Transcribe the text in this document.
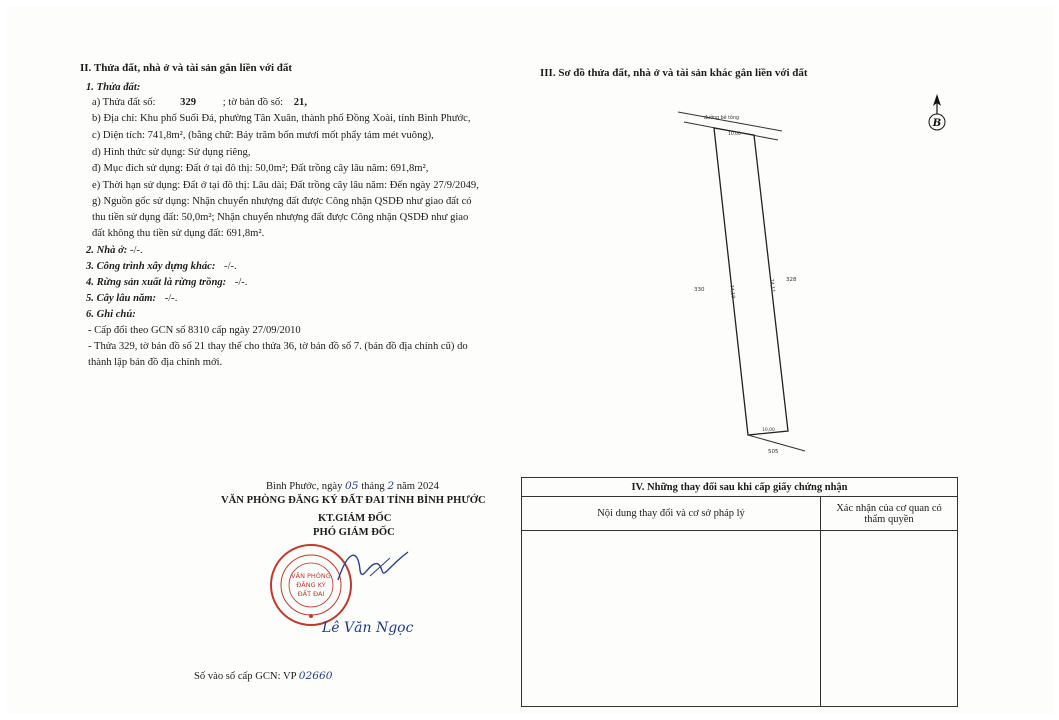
II. Thửa đất, nhà ở và tài sản gắn liền với đất
1. Thửa đất:
a) Thửa đất số: 329	; tờ bản đồ số: 21,
b) Địa chỉ: Khu phố Suối Đá, phường Tân Xuân, thành phố Đồng Xoài, tỉnh Bình Phước,
c) Diện tích: 741,8m², (bằng chữ: Bảy trăm bốn mươi mốt phẩy tám mét vuông),
d) Hình thức sử dụng: Sử dụng riêng,
đ) Mục đích sử dụng: Đất ở tại đô thị: 50,0m²; Đất trồng cây lâu năm: 691,8m²,
e) Thời hạn sử dụng: Đất ở tại đô thị: Lâu dài; Đất trồng cây lâu năm: Đến ngày 27/9/2049,
g) Nguồn gốc sử dụng: Nhận chuyển nhượng đất được Công nhận QSDĐ như giao đất có
thu tiền sử dụng đất: 50,0m²; Nhận chuyển nhượng đất được Công nhận QSDĐ như giao
đất không thu tiền sử dụng đất: 691,8m².
2. Nhà ở: -/-.
3. Công trình xây dựng khác: -/-.
4. Rừng sản xuất là rừng trồng: -/-.
5. Cây lâu năm: -/-.
6. Ghi chú:
- Cấp đổi theo GCN số 8310 cấp ngày 27/09/2010
- Thửa 329, tờ bản đồ số 21 thay thế cho thửa 36, tờ bản đồ số 7. (bản đồ địa chính cũ) do
thành lập bản đồ địa chính mới.
Bình Phước, ngày 05 tháng 2 năm 2024
VĂN PHÒNG ĐĂNG KÝ ĐẤT ĐAI TỈNH BÌNH PHƯỚC
KT.GIÁM ĐỐC
PHÓ GIÁM ĐỐC
VĂN PHÒNG
ĐĂNG KÝ
ĐẤT ĐAI
Lê Văn Ngọc
Số vào sổ cấp GCN: VP 02660
III. Sơ đồ thửa đất, nhà ở và tài sản khác gắn liền với đất
đường bê tông
10,00
10,00
74,19	74,11
330
328
505
B
IV. Những thay đổi sau khi cấp giấy chứng nhận	
Nội dung thay đổi và cơ sở pháp lý	Xác nhận của cơ quan có
thẩm quyền
